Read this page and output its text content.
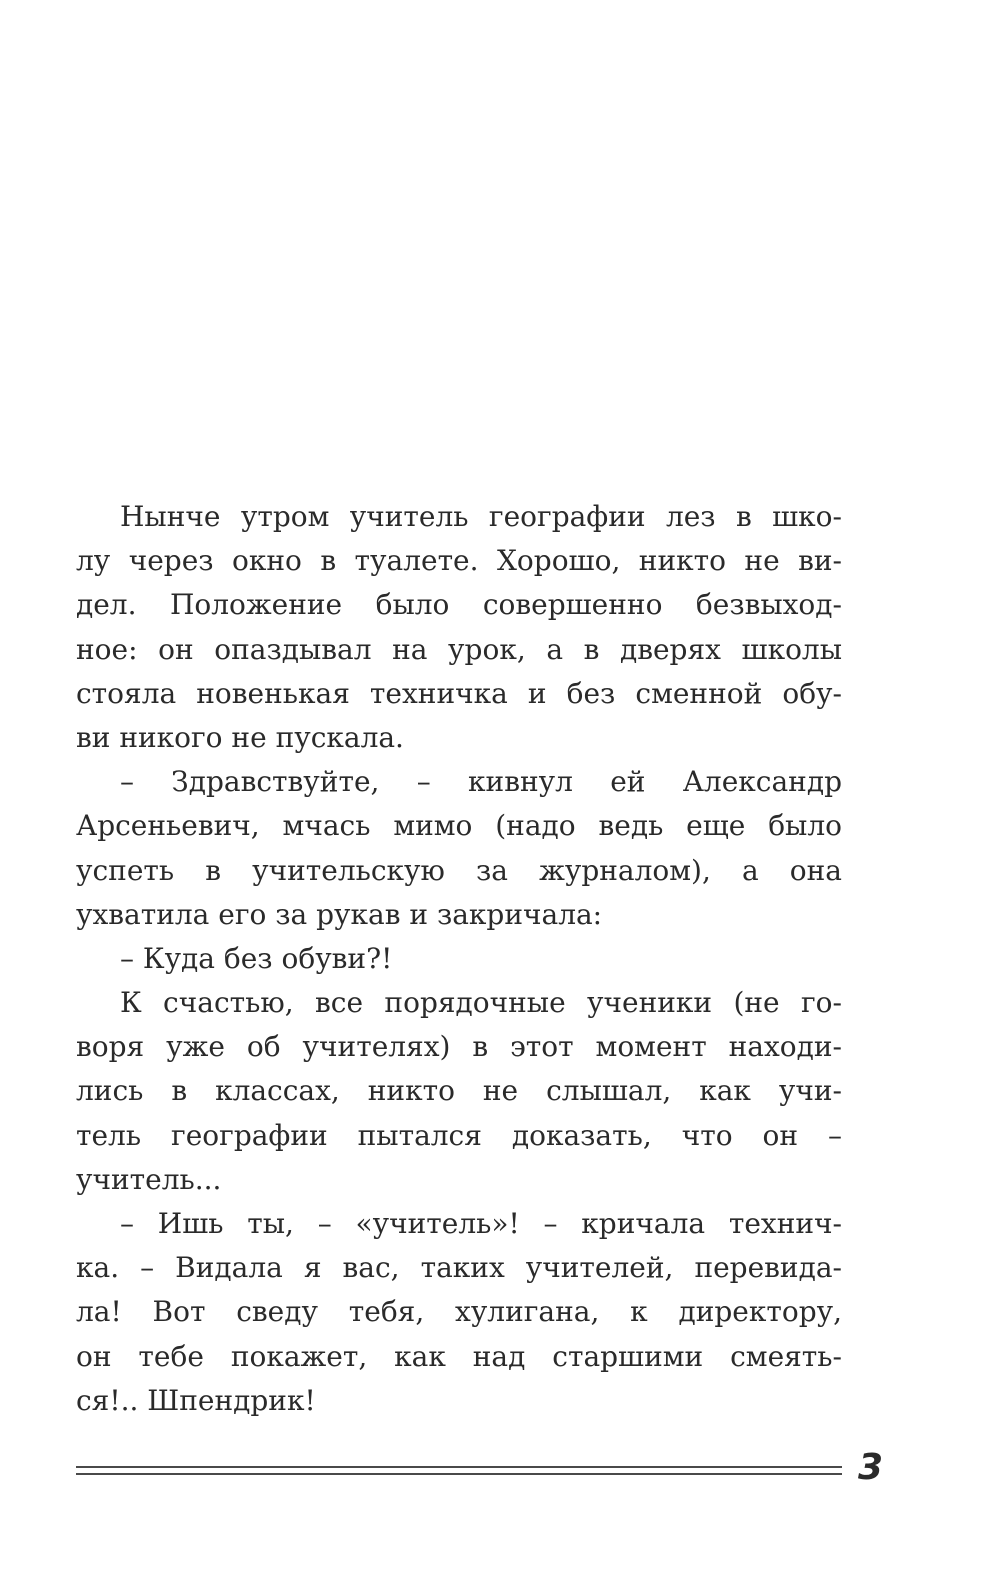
Нынче утром учитель географии лез в шко-
лу через окно в туалете. Хорошо, никто не ви-
дел. Положение было совершенно безвыход-
ное: он опаздывал на урок, а в дверях школы
стояла новенькая техничка и без сменной обу-
ви никого не пускала.
– Здравствуйте, – кивнул ей Александр
Арсеньевич, мчась мимо (надо ведь еще было
успеть в учительскую за журналом), а она
ухватила его за рукав и закричала:
– Куда без обуви?!
К счастью, все порядочные ученики (не го-
воря уже об учителях) в этот момент находи-
лись в классах, никто не слышал, как учи-
тель географии пытался доказать, что он –
учитель...
– Ишь ты, – «учитель»! – кричала технич-
ка. – Видала я вас, таких учителей, перевида-
ла! Вот сведу тебя, хулигана, к директору,
он тебе покажет, как над старшими смеять-
ся!.. Шпендрик!
3
